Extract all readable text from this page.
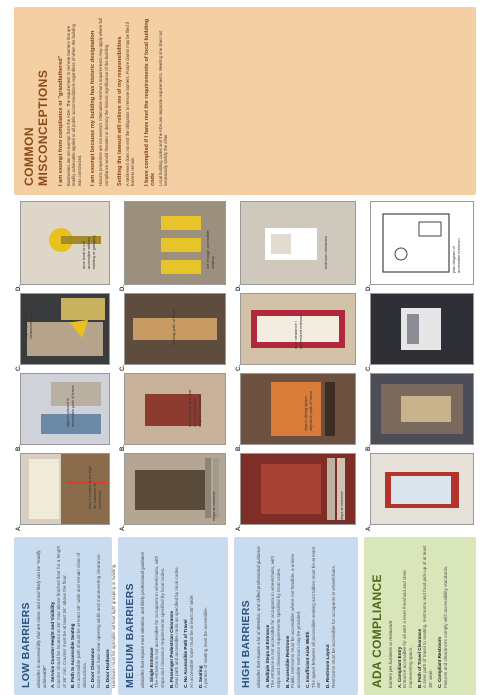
LOW BARRIERS obstacles to accessibility that are minor, and most likely can be "readily achievable" A. Service Counter Height and Visibility Counter should be located at 36" max above finished floor for a length of 36" min. Counter must be at least 36" above the floor. B. Path to Accessible Seating An accessible path should be at least 36" wide and remain clear of obstructions. C. Door Clearance Doors must have clear opening width and maneuvering clearance. D. Door Hardware Hardware must be operable without tight grasping or twisting. MEDIUM BARRIERS obstacles that require more attention, and likely professional guidance A. Single Entrance The entrance is not accessible for occupants in wheelchairs, with steps and clearance requirements specified by local codes. B. Passenger Pedestrian Clearance Clear path and accessible route as specified by local codes. C. No Accessible Path of Travel An accessible route must be at least 36" wide. D. Seating A portion of seating must be accessible.	HIGH BARRIERS obstacles that require a lot of attention, and skilled professional guidance A. Multiple Steps at Entrance The entrance is not accessible for occupants in wheelchairs, with steps and clearance requirements specified by local codes. B. Accessible Restroom Public restrooms must be accessible; where not feasible, a unisex accessible restroom may be provided. C. Insufficient Aisle Width The space between all accessible seating and tables must be at least 36". D. Restroom Layout Restrooms must be accessible for occupants in wheelchairs.	ADA COMPLIANCE barriers per business or restaurant A. Compliant Entry Entrance accessible for all with a level threshold and clear maneuvering space. B. Path of Travel Clearance A clear path of travel to seating, restrooms and food pick-up of at least 36" wide. C. Compliant Restroom Fixtures and clearances comply with accessibility standards.
A.
max 2 counter is too high for customer in wheelchair
B.
objects placed in accessible path of travel
C.
object placed in clearance space
D.
door knob is not accessible without twisting or grasping
A.
steps at entrance
B.
not a built-in lane that does not provide required clearance
C.
hallway path of travel
D.
not enough accessible seating
A.
steps at entrance
B.
step to dining space; objects in path of travel
C.
door clearance / undersized restroom
D.
restroom obstacles
A.
B.
C.
D.
plan diagram of accessible restroom
COMMON MISCONCEPTIONS I am exempt from compliance or "grandfathered" Businesses are not exempt from the ADA. The requirement to remove barriers that are readily achievable applies to all public accommodations regardless of when the building was constructed. I am exempt because my building has historic designation Historic properties are not exempt. Alternative minimum requirements may apply where full compliance would threaten or destroy the historic significance of the building. Settling the lawsuit will relieve me of my responsibilities A settlement does not end the obligation to remove barriers. Future claims may be filed if barriers remain. I have complied if I have met the requirements of local building code Local building codes and the ADA are separate requirements. Meeting one does not necessarily satisfy the other.
